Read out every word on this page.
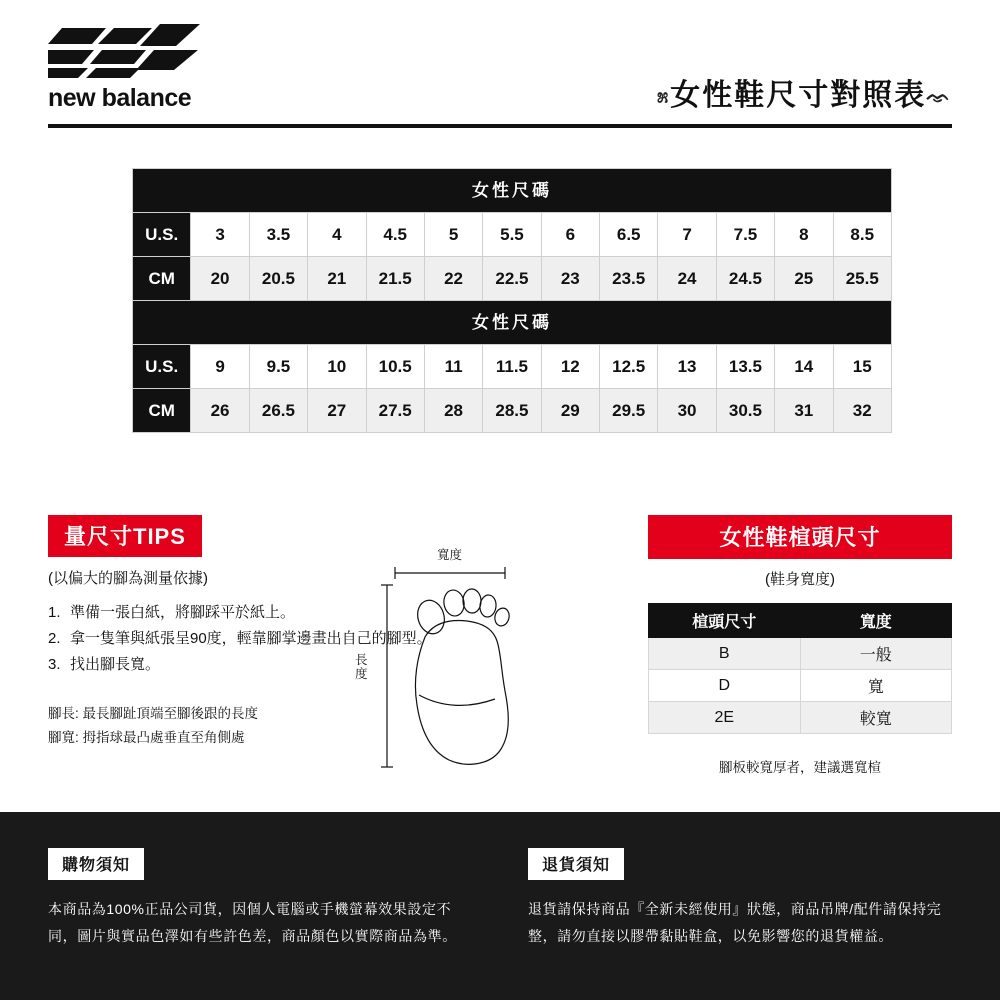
new balance	೫女性鞋尺寸對照表ᨎ
女性尺碼												
U.S.	3	3.5	4	4.5	5	5.5	6	6.5	7	7.5	8	8.5
CM	20	20.5	21	21.5	22	22.5	23	23.5	24	24.5	25	25.5
女性尺碼												
U.S.	9	9.5	10	10.5	11	11.5	12	12.5	13	13.5	14	15
CM	26	26.5	27	27.5	28	28.5	29	29.5	30	30.5	31	32
量尺寸TIPS
(以偏大的腳為測量依據)
1. 準備一張白紙，將腳踩平於紙上。
2. 拿一隻筆與紙張呈90度，輕靠腳掌邊畫出自己的腳型。
3. 找出腳長寬。
腳長: 最長腳趾頂端至腳後跟的長度
腳寬: 拇指球最凸處垂直至角側處
寬度
長度
女性鞋楦頭尺寸
(鞋身寬度)
楦頭尺寸	寬度
B	一般
D	寬
2E	較寬
腳板較寬厚者，建議選寬楦
購物須知
本商品為100%正品公司貨，因個人電腦或手機螢幕效果設定不同，圖片與實品色澤如有些許色差，商品顏色以實際商品為準。
退貨須知
退貨請保持商品『全新未經使用』狀態，商品吊牌/配件請保持完整，請勿直接以膠帶黏貼鞋盒，以免影響您的退貨權益。
